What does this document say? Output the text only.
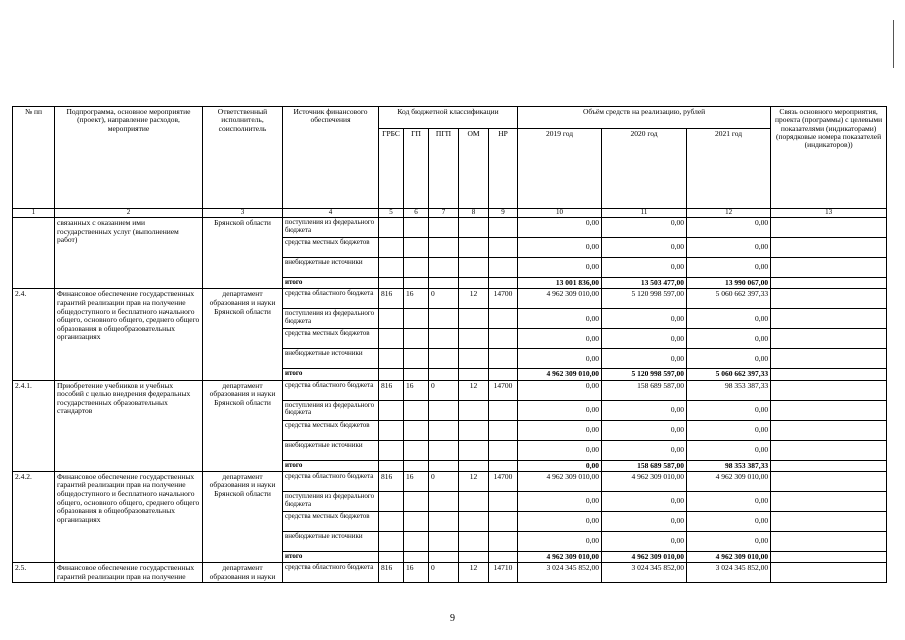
№ пп	Подпрограмма, основное мероприятие (проект), направление расходов, мероприятие	Ответственный исполнитель, соисполнитель	Источник финансового обеспечения	Код бюджетной классификации					Объём средств на реализацию, рублей			Связь основного мероприятия, проекта (программы) с целевыми показателями (индикаторами) (порядковые номера показателей (индикаторов))
				ГРБС	ГП	ПГП	ОМ	НР	2019 год	2020 год	2021 год	
1	2	3	4	5	6	7	8	9	10	11	12	13
	связанных с оказанием ими государственных услуг (выполнением работ)	Брянской области	поступления из федерального бюджета						0,00	0,00	0,00	
			средства местных бюджетов						0,00	0,00	0,00	
			внебюджетные источники						0,00	0,00	0,00	
			итого						13 001 836,00	13 503 477,00	13 990 067,00	
2.4.	Финансовое обеспечение государственных гарантий реализации прав на получение общедоступного и бесплатного начального общего, основного общего, среднего общего образования в общеобразовательных организациях	департамент образования и науки Брянской области	средства областного бюджета	816	16	0	12	14700	4 962 309 010,00	5 120 998 597,00	5 060 662 397,33	
			поступления из федерального бюджета						0,00	0,00	0,00	
			средства местных бюджетов						0,00	0,00	0,00	
			внебюджетные источники						0,00	0,00	0,00	
			итого						4 962 309 010,00	5 120 998 597,00	5 060 662 397,33	
2.4.1.	Приобретение учебников и учебных пособий с целью внедрения федеральных государственных образовательных стандартов	департамент образования и науки Брянской области	средства областного бюджета	816	16	0	12	14700	0,00	158 689 587,00	98 353 387,33	
			поступления из федерального бюджета						0,00	0,00	0,00	
			средства местных бюджетов						0,00	0,00	0,00	
			внебюджетные источники						0,00	0,00	0,00	
			итого						0,00	158 689 587,00	98 353 387,33	
2.4.2.	Финансовое обеспечение государственных гарантий реализации прав на получение общедоступного и бесплатного начального общего, основного общего, среднего общего образования в общеобразовательных организациях	департамент образования и науки Брянской области	средства областного бюджета	816	16	0	12	14700	4 962 309 010,00	4 962 309 010,00	4 962 309 010,00	
			поступления из федерального бюджета						0,00	0,00	0,00	
			средства местных бюджетов						0,00	0,00	0,00	
			внебюджетные источники						0,00	0,00	0,00	
			итого						4 962 309 010,00	4 962 309 010,00	4 962 309 010,00	
2.5.	Финансовое обеспечение государственных гарантий реализации прав на получение	департамент образования и науки	средства областного бюджета	816	16	0	12	14710	3 024 345 852,00	3 024 345 852,00	3 024 345 852,00	
9
